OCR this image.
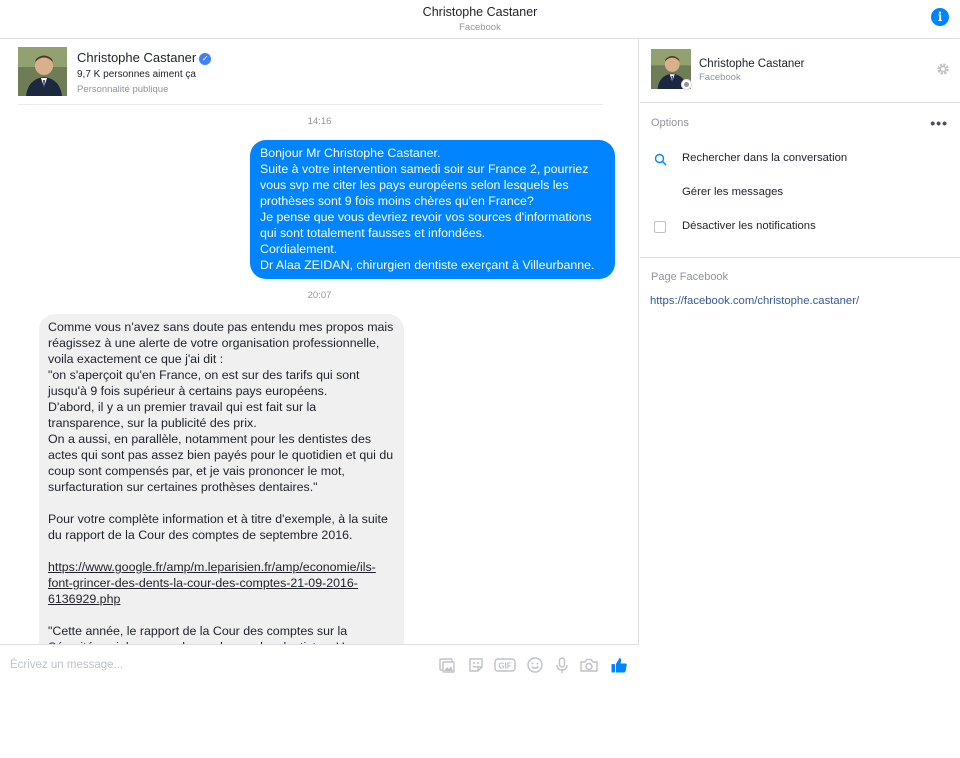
Christophe Castaner
Facebook
i
Christophe Castaner ✓
9,7 K personnes aiment ça
Personnalité publique
14:16
Bonjour Mr Christophe Castaner.
Suite à votre intervention samedi soir sur France 2, pourriez vous svp me citer les pays européens selon lesquels les prothèses sont 9 fois moins chères qu'en France?
Je pense que vous devriez revoir vos sources d'informations qui sont totalement fausses et infondées.
Cordialement.
Dr Alaa ZEIDAN, chirurgien dentiste exerçant à Villeurbanne.
20:07
Comme vous n'avez sans doute pas entendu mes propos mais réagissez à une alerte de votre organisation professionnelle, voila exactement ce que j'ai dit :
"on s'aperçoit qu'en France, on est sur des tarifs qui sont jusqu'à 9 fois supérieur à certains pays européens.
D'abord, il y a un premier travail qui est fait sur la transparence, sur la publicité des prix.
On a aussi, en parallèle, notamment pour les dentistes des actes qui sont pas assez bien payés pour le quotidien et qui du coup sont compensés par, et je vais prononcer le mot, surfacturation sur certaines prothèses dentaires."

Pour votre complète information et à titre d'exemple, à la suite du rapport de la Cour des comptes de septembre 2016.

https://www.google.fr/amp/m.leparisien.fr/amp/economie/ils-font-grincer-des-dents-la-cour-des-comptes-21-09-2016-6136929.php

"Cette année, le rapport de la Cour des comptes sur la
Écrivez un message...	GIF
Christophe Castaner
Facebook
Options	•••
Rechercher dans la conversation
Gérer les messages
Désactiver les notifications
Page Facebook
https://facebook.com/christophe.castaner/
